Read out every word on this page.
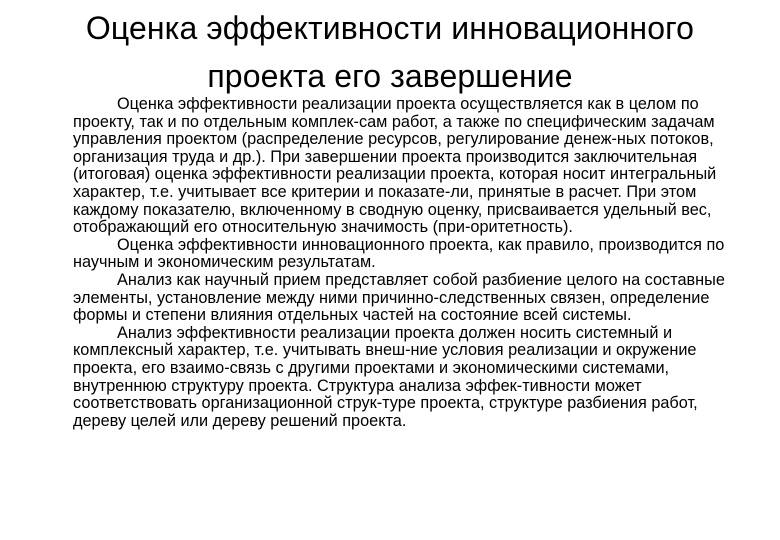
Оценка эффективности инновационного
проекта его завершение

Оценка эффективности реализации проекта осуществляется как в целом по проекту, так и по отдельным комплек-сам работ, а также по специфическим задачам управления проектом (распределение ресурсов, регулирование денеж-ных потоков, организация труда и др.). При завершении проекта производится заключительная (итоговая) оценка эффективности реализации проекта, которая носит интегральный характер, т.е. учитывает все критерии и показате-ли, принятые в расчет. При этом каждому показателю, включенному в сводную оценку, присваивается удельный вес, отображающий его относительную значимость (при-оритетность).

Оценка эффективности инновационного проекта, как правило, производится по научным и экономическим результатам.

Анализ как научный прием представляет собой разбиение целого на составные элементы, установление между ними причинно-следственных связен, определение формы и степени влияния отдельных частей на состояние всей системы.

Анализ эффективности реализации проекта должен носить системный и комплексный характер, т.е. учитывать внеш-ние условия реализации и окружение проекта, его взаимо-связь с другими проектами и экономическими системами, внутреннюю структуру проекта. Структура анализа эффек-тивности может соответствовать организационной струк-туре проекта, структуре разбиения работ, дереву целей или дереву решений проекта.
